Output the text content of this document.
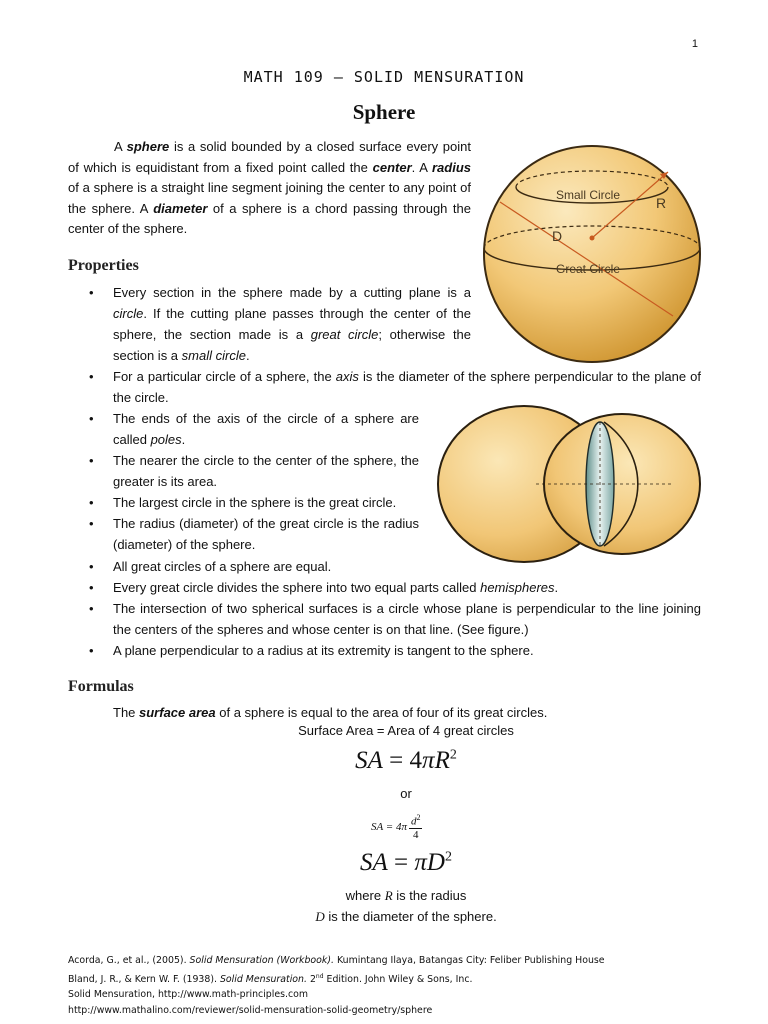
1
MATH 109 – SOLID MENSURATION
Sphere

A sphere is a solid bounded by a closed surface every point of which is equidistant from a fixed point called the center. A radius of a sphere is a straight line segment joining the center to any point of the sphere. A diameter of a sphere is a chord passing through the center of the sphere.

Small Circle	R
D
Great Circle
Properties
• Every section in the sphere made by a cutting plane is a circle. If the cutting plane passes through the center of the sphere, the section made is a great circle; otherwise the section is a small circle.
• For a particular circle of a sphere, the axis is the diameter of the sphere perpendicular to the plane of the circle.
• The ends of the axis of the circle of a sphere are called poles.
• The nearer the circle to the center of the sphere, the greater is its area.
• The largest circle in the sphere is the great circle.
• The radius (diameter) of the great circle is the radius (diameter) of the sphere.
• All great circles of a sphere are equal.
• Every great circle divides the sphere into two equal parts called hemispheres.
• The intersection of two spherical surfaces is a circle whose plane is perpendicular to the line joining the centers of the spheres and whose center is on that line. (See figure.)
• A plane perpendicular to a radius at its extremity is tangent to the sphere.
Formulas
The surface area of a sphere is equal to the area of four of its great circles.
Surface Area = Area of 4 great circles
SA = $4\pi R^2$
or
SA = $4\pi \frac{d^2}{4}$
SA = $\pi D^2$
where R is the radius
D is the diameter of the sphere.
Acorda, G., et al., (2005). Solid Mensuration (Workbook). Kumintang Ilaya, Batangas City: Feliber Publishing House
Bland, J. R., & Kern W. F. (1938). Solid Mensuration. 2nd Edition. John Wiley & Sons, Inc.
Solid Mensuration, http://www.math-principles.com
http://www.mathalino.com/reviewer/solid-mensuration-solid-geometry/sphere
